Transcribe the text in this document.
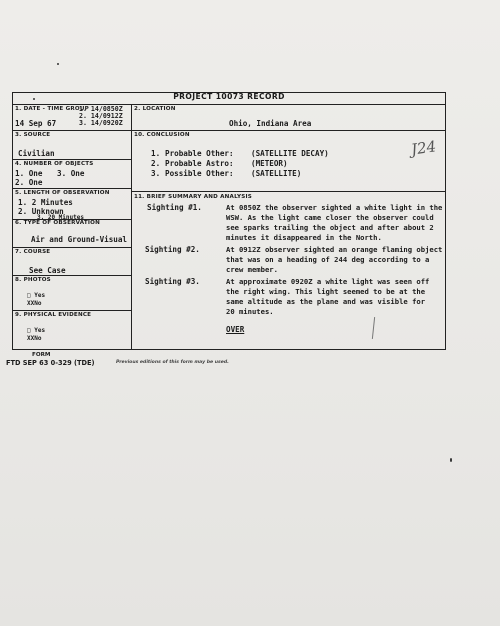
PROJECT 10073 RECORD
1. DATE - TIME GROUP
14 Sep 67
1. 14/0850Z
2. 14/0912Z
3. 14/0920Z
2. LOCATION
Ohio, Indiana Area
3. SOURCE
Civilian
4. NUMBER OF OBJECTS
1. One 3. One
2. One
5. LENGTH OF OBSERVATION
1. 2 Minutes
2. Unknown
3. 20 Minutes
6. TYPE OF OBSERVATION
Air and Ground-Visual
7. COURSE
See Case
8. PHOTOS
□ Yes
XXNo
9. PHYSICAL EVIDENCE
□ Yes
XXNo
10. CONCLUSION
1. Probable Other: (SATELLITE DECAY)
2. Probable Astro: (METEOR)
3. Possible Other: (SATELLITE)
J24
11. BRIEF SUMMARY AND ANALYSIS
Sighting #1.	At 0850Z the observer sighted a white light in the
WSW. As the light came closer the observer could
see sparks trailing the object and after about 2
minutes it disappeared in the North.
Sighting #2.	At 0912Z observer sighted an orange flaming object
that was on a heading of 244 deg according to a
crew member.
Sighting #3.	At approximate 0920Z a white light was seen off
the right wing. This light seemed to be at the
same altitude as the plane and was visible for
20 minutes.
OVER
FORM
FTD SEP 63 0-329 (TDE)	Previous editions of this form may be used.
